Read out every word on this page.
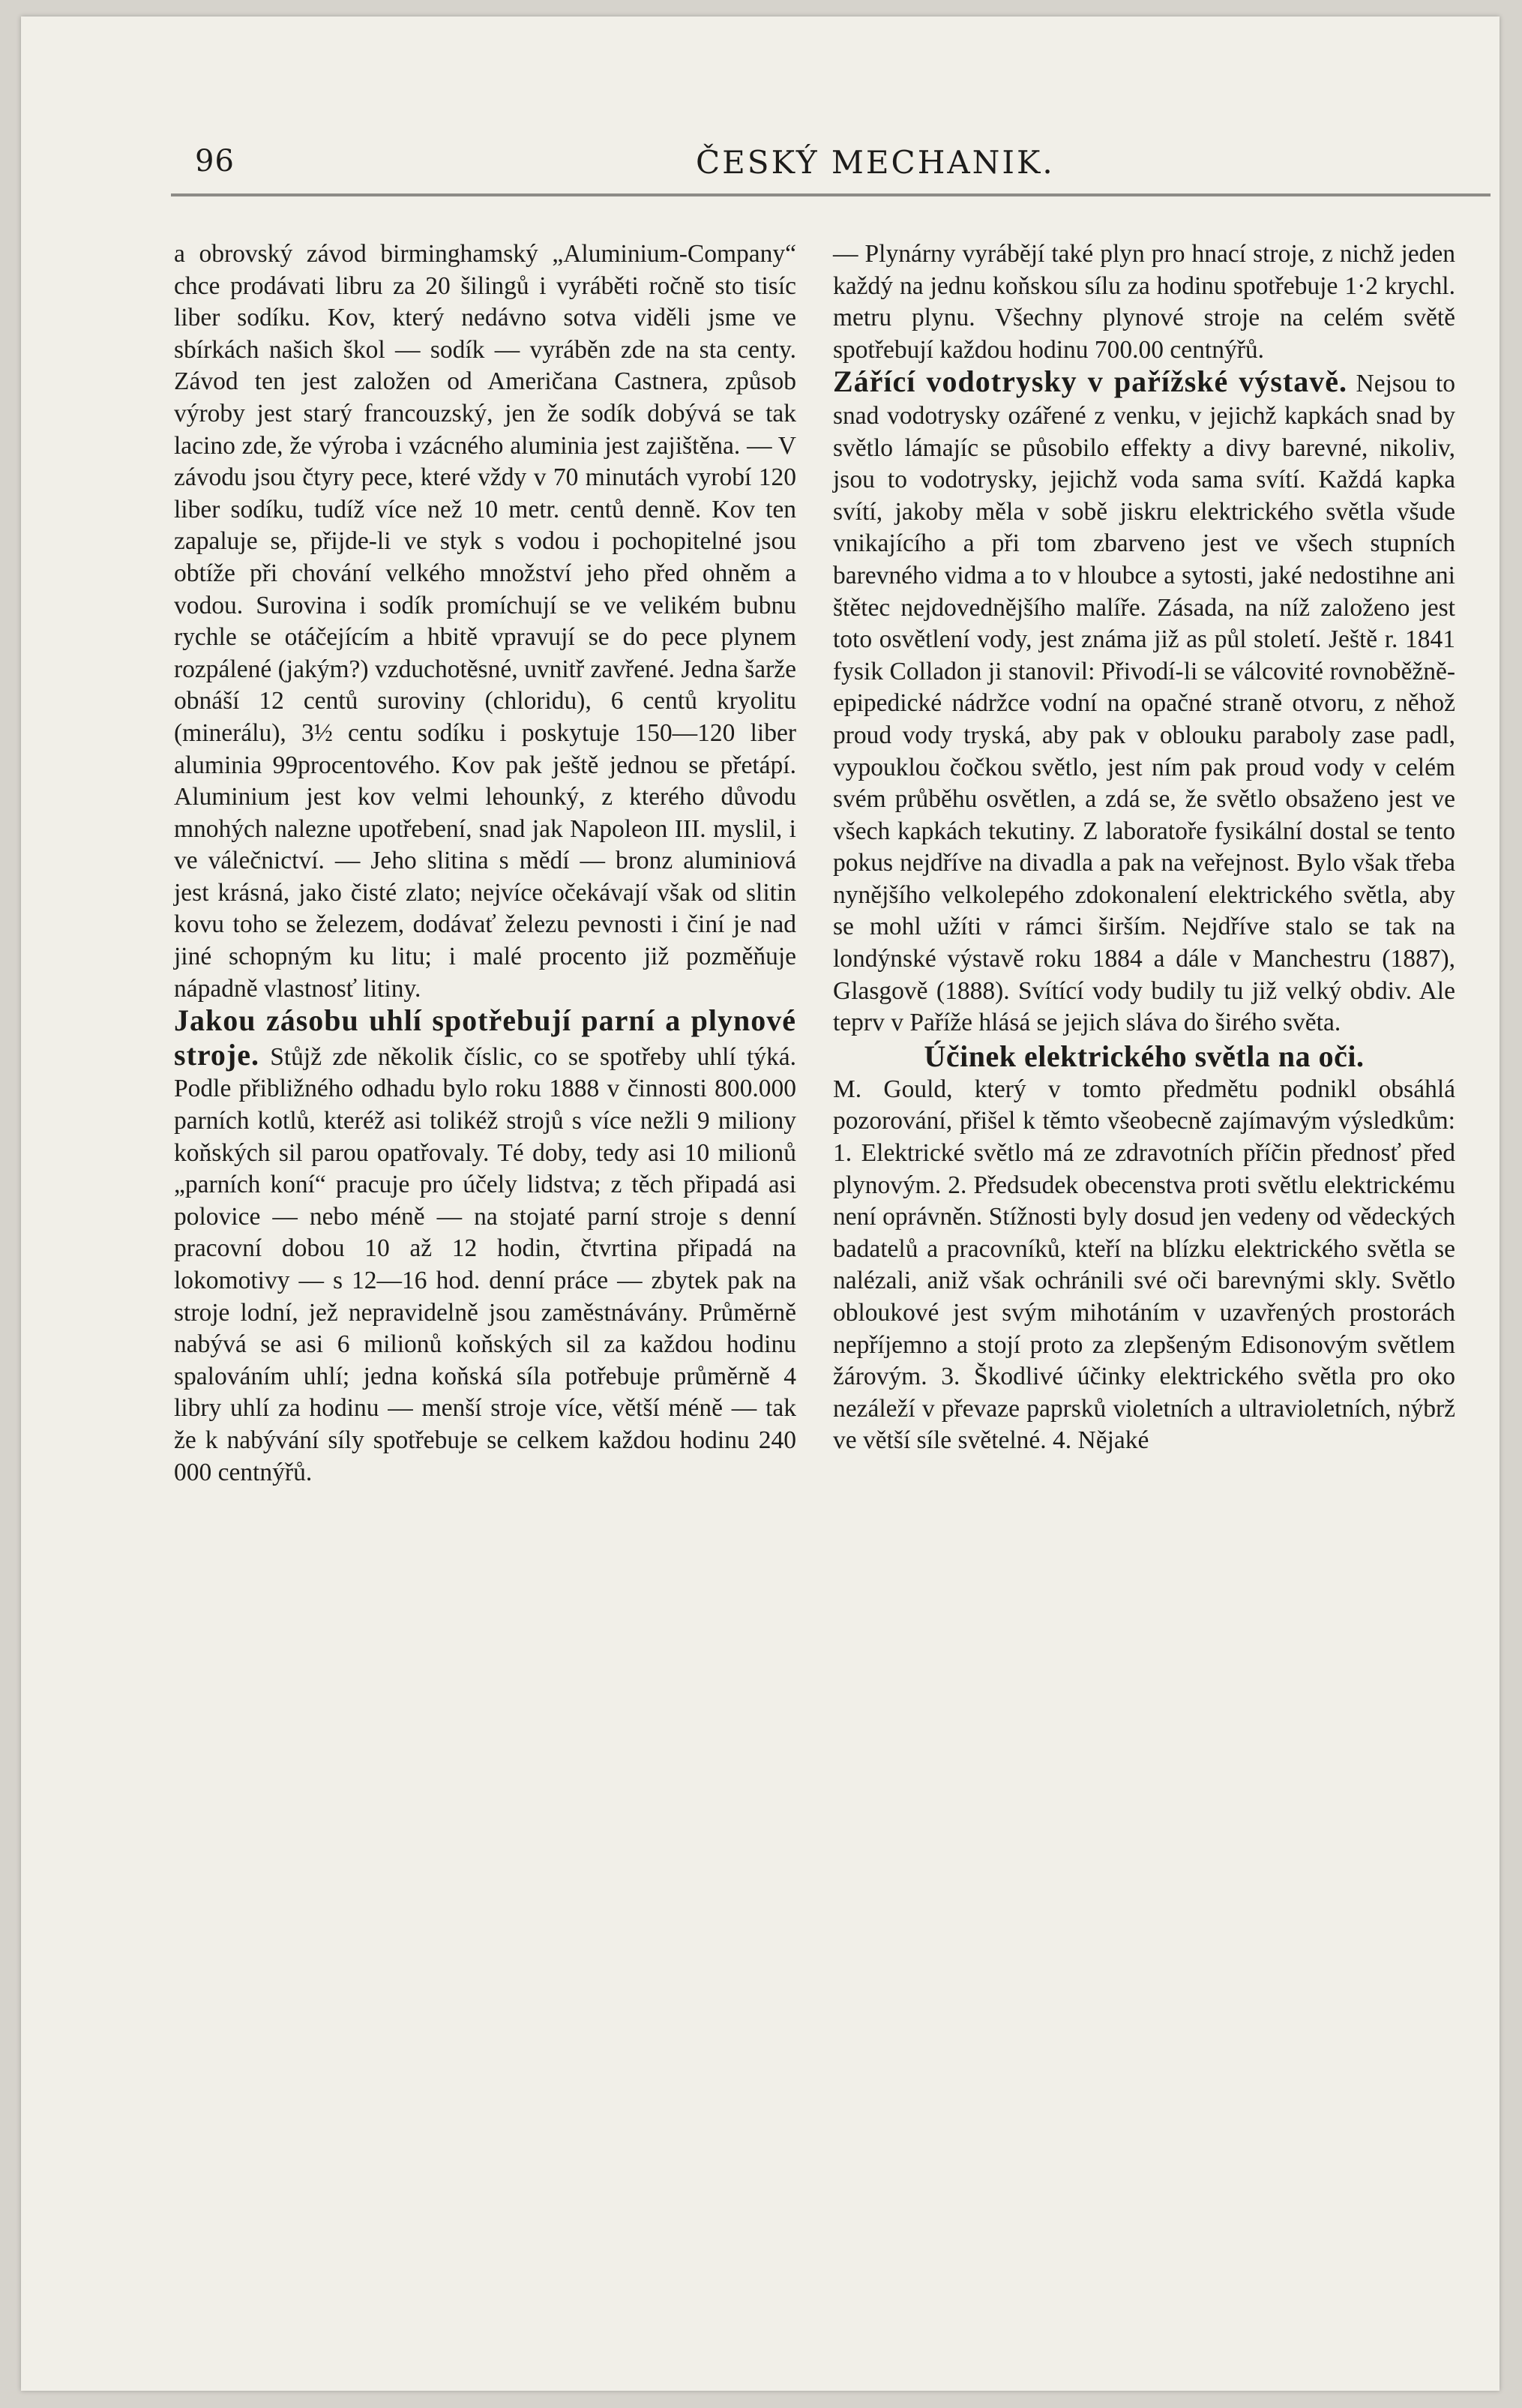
96	ČESKÝ MECHANIK.

a obrovský závod birminghamský „Aluminium-Company“ chce prodávati libru za 20 šilingů i vyráběti ročně sto tisíc liber sodíku. Kov, který nedávno sotva viděli jsme ve sbírkách našich škol — sodík — vyráběn zde na sta centy. Závod ten jest založen od Američana Castnera, způsob výroby jest starý francouzský, jen že sodík dobývá se tak lacino zde, že výroba i vzácného aluminia jest zajištěna. — V závodu jsou čtyry pece, které vždy v 70 minutách vyrobí 120 liber sodíku, tudíž více než 10 metr. centů denně. Kov ten zapaluje se, přijde-li ve styk s vodou i pochopitelné jsou obtíže při chování velkého množství jeho před ohněm a vodou. Surovina i sodík promíchují se ve velikém bubnu rychle se otáčejícím a hbitě vpravují se do pece plynem rozpálené (jakým?) vzduchotěsné, uvnitř zavřené. Jedna šarže obnáší 12 centů suroviny (chloridu), 6 centů kryolitu (minerálu), 3½ centu sodíku i poskytuje 150—120 liber aluminia 99procentového. Kov pak ještě jednou se přetápí. Aluminium jest kov velmi lehounký, z kterého důvodu mnohých nalezne upotřebení, snad jak Napoleon III. myslil, i ve válečnictví. — Jeho slitina s mědí — bronz aluminiová jest krásná, jako čisté zlato; nejvíce očekávají však od slitin kovu toho se železem, dodávať železu pevnosti i činí je nad jiné schopným ku litu; i malé procento již pozměňuje nápadně vlastnosť litiny.

Jakou zásobu uhlí spotřebují parní a plynové stroje. Stůjž zde několik číslic, co se spotřeby uhlí týká. Podle přibližného odhadu bylo roku 1888 v činnosti 800.000 parních kotlů, kteréž asi tolikéž strojů s více nežli 9 miliony koňských sil parou opatřovaly. Té doby, tedy asi 10 milionů „parních koní“ pracuje pro účely lidstva; z těch připadá asi polovice — nebo méně — na stojaté parní stroje s denní pracovní dobou 10 až 12 hodin, čtvrtina připadá na lokomotivy — s 12—16 hod. denní práce — zbytek pak na stroje lodní, jež nepravidelně jsou zaměstnávány. Průměrně nabývá se asi 6 milionů koňských sil za každou hodinu spalováním uhlí; jedna koňská síla potřebuje průměrně 4 libry uhlí za hodinu — menší stroje více, větší méně — tak že k nabývání síly spotřebuje se celkem každou hodinu 240 000 centnýřů.

— Plynárny vyrábějí také plyn pro hnací stroje, z nichž jeden každý na jednu koňskou sílu za hodinu spotřebuje 1·2 krychl. metru plynu. Všechny plynové stroje na celém světě spotřebují každou hodinu 700.00 centnýřů.

Zářící vodotrysky v pařížské výstavě. Nejsou to snad vodotrysky ozářené z venku, v jejichž kapkách snad by světlo lámajíc se působilo effekty a divy barevné, nikoliv, jsou to vodotrysky, jejichž voda sama svítí. Každá kapka svítí, jakoby měla v sobě jiskru elektrického světla všude vnikajícího a při tom zbarveno jest ve všech stupních barevného vidma a to v hloubce a sytosti, jaké nedostihne ani štětec nejdovednějšího malíře. Zásada, na níž založeno jest toto osvětlení vody, jest známa již as půl století. Ještě r. 1841 fysik Colladon ji stanovil: Přivodí-li se válcovité rovnoběžně-epipedické nádržce vodní na opačné straně otvoru, z něhož proud vody tryská, aby pak v oblouku paraboly zase padl, vypouklou čočkou světlo, jest ním pak proud vody v celém svém průběhu osvětlen, a zdá se, že světlo obsaženo jest ve všech kapkách tekutiny. Z laboratoře fysikální dostal se tento pokus nejdříve na divadla a pak na veřejnost. Bylo však třeba nynějšího velkolepého zdokonalení elektrického světla, aby se mohl užíti v rámci širším. Nejdříve stalo se tak na londýnské výstavě roku 1884 a dále v Manchestru (1887), Glasgově (1888). Svítící vody budily tu již velký obdiv. Ale teprv v Paříže hlásá se jejich sláva do širého světa.

Účinek elektrického světla na oči.

M. Gould, který v tomto předmětu podnikl obsáhlá pozorování, přišel k těmto všeobecně zajímavým výsledkům: 1. Elektrické světlo má ze zdravotních příčin přednosť před plynovým. 2. Předsudek obecenstva proti světlu elektrickému není oprávněn. Stížnosti byly dosud jen vedeny od vědeckých badatelů a pracovníků, kteří na blízku elektrického světla se nalézali, aniž však ochránili své oči barevnými skly. Světlo obloukové jest svým mihotáním v uzavřených prostorách nepříjemno a stojí proto za zlepšeným Edisonovým světlem žárovým. 3. Škodlivé účinky elektrického světla pro oko nezáleží v převaze paprsků violetních a ultravioletních, nýbrž ve větší síle světelné. 4. Nějaké
